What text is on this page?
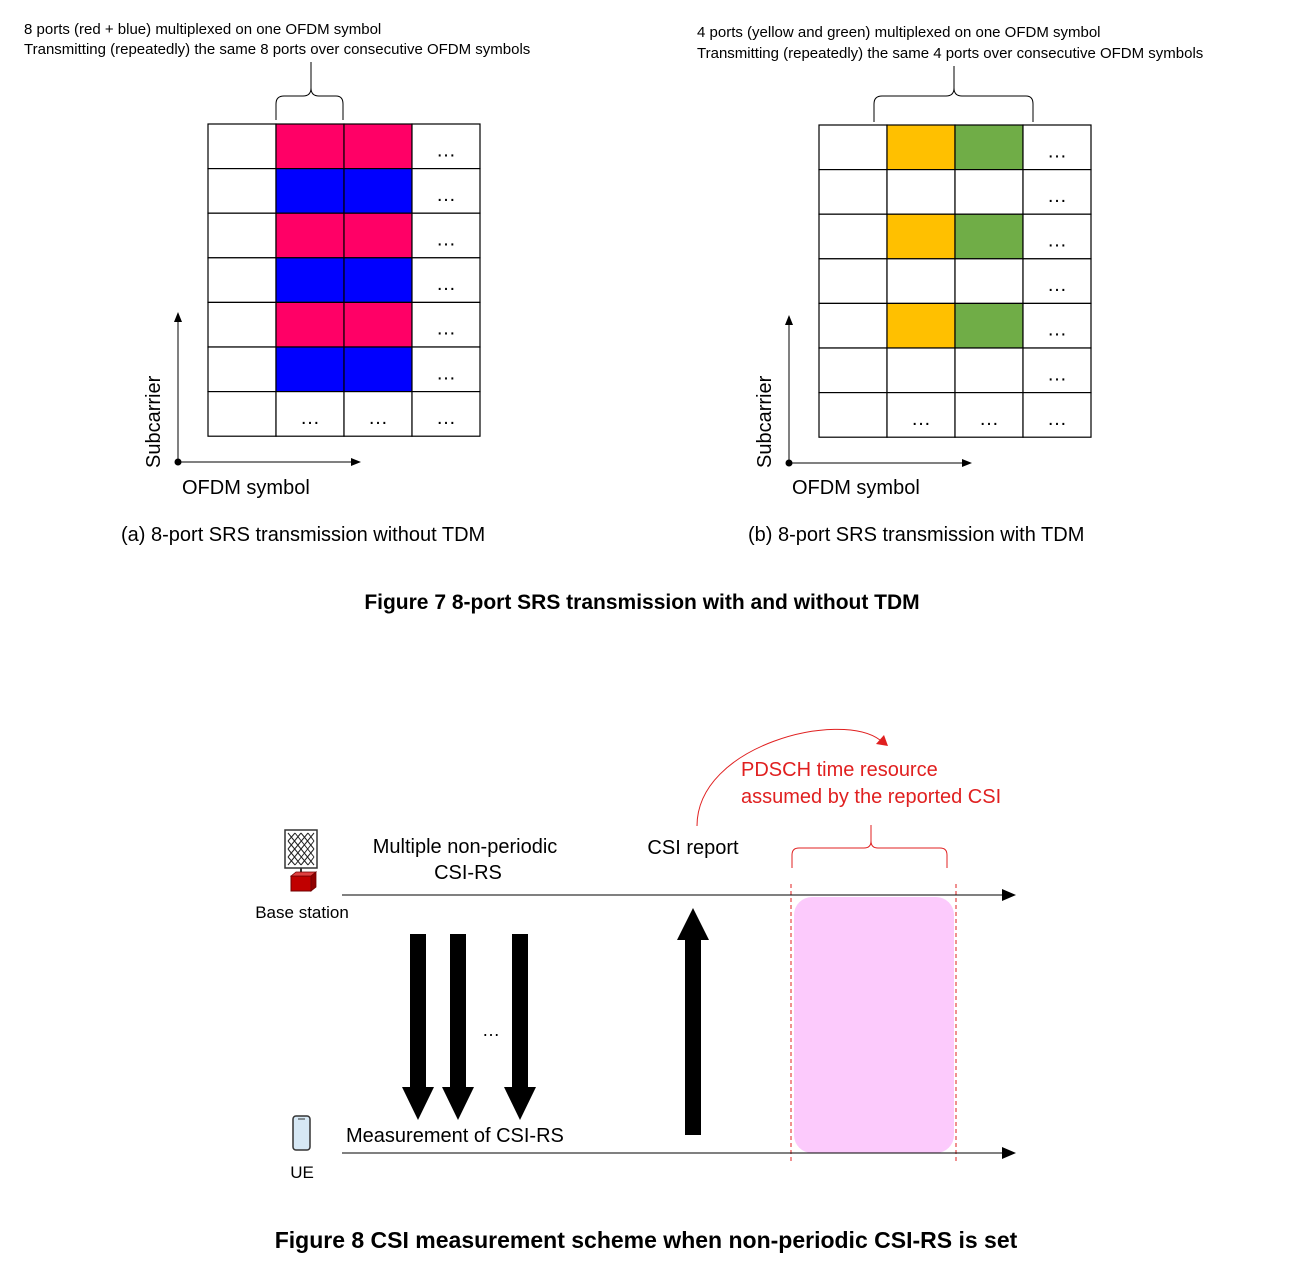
8 ports (red + blue) multiplexed on one OFDM symbol
Transmitting (repeatedly) the same 8 ports over consecutive OFDM symbols
…
…
…
…
…
…
… … …
Subcarrier
OFDM symbol
(a) 8-port SRS transmission without TDM
4 ports (yellow and green) multiplexed on one OFDM symbol
Transmitting (repeatedly) the same 4 ports over consecutive OFDM symbols
…
…
…
…
…
…
… … …
Subcarrier
OFDM symbol
(b) 8-port SRS transmission with TDM
Figure 7 8-port SRS transmission with and without TDM
Base station
UE
Multiple non-periodic
CSI-RS
…
Measurement of CSI-RS
CSI report
PDSCH time resource
assumed by the reported CSI
Figure 8 CSI measurement scheme when non-periodic CSI-RS is set
